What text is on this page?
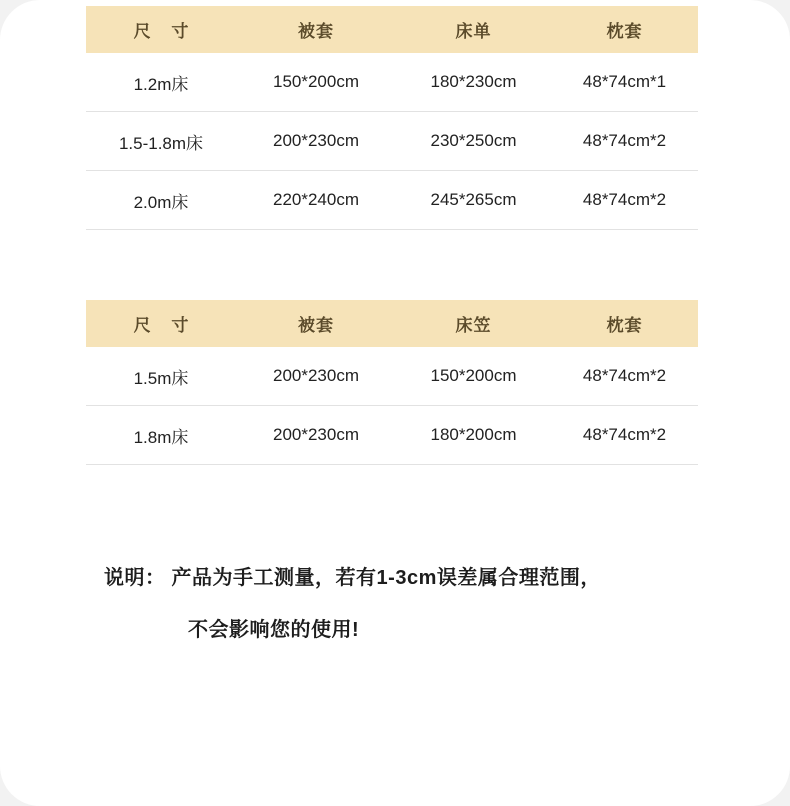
尺 寸	被套	床单	枕套
1.2m床	150*200cm	180*230cm	48*74cm*1
1.5-1.8m床	200*230cm	230*250cm	48*74cm*2
2.0m床	220*240cm	245*265cm	48*74cm*2
尺 寸	被套	床笠	枕套
1.5m床	200*230cm	150*200cm	48*74cm*2
1.8m床	200*230cm	180*200cm	48*74cm*2
说明： 产品为手工测量，若有1-3cm误差属合理范围，
不会影响您的使用!
